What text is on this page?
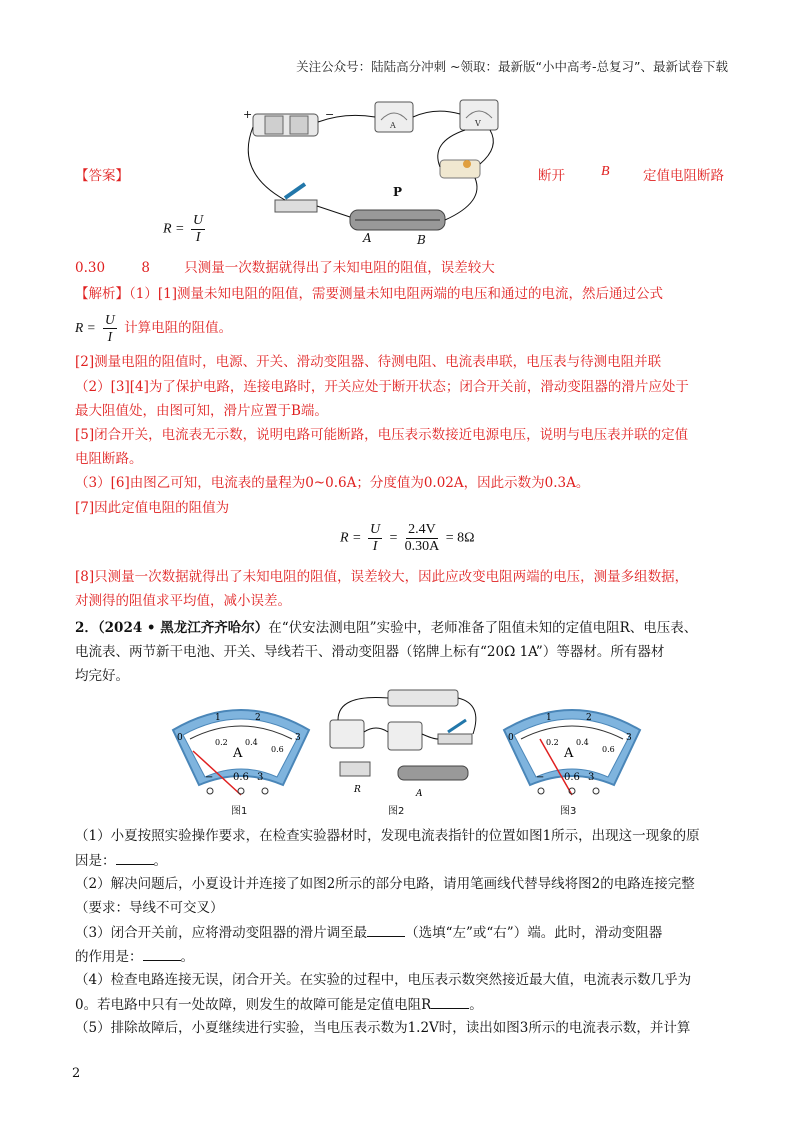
关注公众号：陆陆高分冲刺 ~领取：最新版“小中高考-总复习”、最新试卷下载
+	−
A	V
P
A	B
【答案】	断开	B 定值电阻断路
$R = \frac{U}{I}$
0.30	8	只测量一次数据就得出了未知电阻的阻值，误差较大
【解析】（1）[1]测量未知电阻的阻值，需要测量未知电阻两端的电压和通过的电流，然后通过公式
$R = \frac{U}{I}$ 计算电阻的阻值。
[2]测量电阻的阻值时，电源、开关、滑动变阻器、待测电阻、电流表串联，电压表与待测电阻并联
（2）[3][4]为了保护电路，连接电路时，开关应处于断开状态；闭合开关前，滑动变阻器的滑片应处于
最大阻值处，由图可知，滑片应置于B端。
[5]闭合开关，电流表无示数，说明电路可能断路，电压表示数接近电源电压，说明与电压表并联的定值
电阻断路。
（3）[6]由图乙可知，电流表的量程为0~0.6A；分度值为0.02A，因此示数为0.3A。
[7]因此定值电阻的阻值为
$R = \frac{U}{I} = \frac{2.4V}{0.30A} = 8\Omega$
[8]只测量一次数据就得出了未知电阻的阻值，误差较大，因此应改变电阻两端的电压，测量多组数据，
对测得的阻值求平均值，减小误差。
2．（2024 • 黑龙江齐齐哈尔）在“伏安法测电阻”实验中，老师准备了阻值未知的定值电阻R、电压表、
电流表、两节新干电池、开关、导线若干、滑动变阻器（铭牌上标有“20Ω 1A”）等器材。所有器材
均完好。
0
1	2
3
0.2 0.4
0.6
A
− 0.6 3
图1
R	A
图2
0
1	2
3
0.2 0.4
0.6
A
− 0.6 3
图3
（1）小夏按照实验操作要求，在检查实验器材时，发现电流表指针的位置如图1所示，出现这一现象的原
因是：	。
（2）解决问题后，小夏设计并连接了如图2所示的部分电路，请用笔画线代替导线将图2的电路连接完整
（要求：导线不可交叉）
（3）闭合开关前，应将滑动变阻器的滑片调至最	（选填“左”或“右”）端。此时，滑动变阻器
的作用是：	。
（4）检查电路连接无误，闭合开关。在实验的过程中，电压表示数突然接近最大值，电流表示数几乎为
0。若电路中只有一处故障，则发生的故障可能是定值电阻R	。
（5）排除故障后，小夏继续进行实验，当电压表示数为1.2V时，读出如图3所示的电流表示数，并计算
2
